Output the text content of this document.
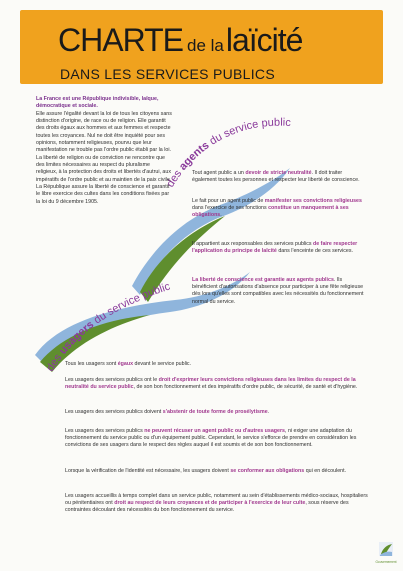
CHARTE de lalaïcité
DANS LES SERVICES PUBLICS
des agents du service public
des usagers du service public
La France est une République indivisible, laïque, démocratique et sociale.
Elle assure l'égalité devant la loi de tous les citoyens sans distinction d'origine, de race ou de religion. Elle garantit des droits égaux aux hommes et aux femmes et respecte toutes les croyances. Nul ne doit être inquiété pour ses opinions, notamment religieuses, pourvu que leur manifestation ne trouble pas l'ordre public établi par la loi. La liberté de religion ou de conviction ne rencontre que des limites nécessaires au respect du pluralisme religieux, à la protection des droits et libertés d'autrui, aux impératifs de l'ordre public et au maintien de la paix civile. La République assure la liberté de conscience et garantit le libre exercice des cultes dans les conditions fixées par la loi du 9 décembre 1905.
Tout agent public a un devoir de stricte neutralité. Il doit traiter également toutes les personnes et respecter leur liberté de conscience.
Le fait pour un agent public de manifester ses convictions religieuses dans l'exercice de ses fonctions constitue un manquement à ses obligations.
Il appartient aux responsables des services publics de faire respecter l'application du principe de laïcité dans l'enceinte de ces services.
La liberté de conscience est garantie aux agents publics. Ils bénéficient d'autorisations d'absence pour participer à une fête religieuse dès lors qu'elles sont compatibles avec les nécessités du fonctionnement normal du service.
Tous les usagers sont égaux devant le service public.
Les usagers des services publics ont le droit d'exprimer leurs convictions religieuses dans les limites du respect de la neutralité du service public, de son bon fonctionnement et des impératifs d'ordre public, de sécurité, de santé et d'hygiène.
Les usagers des services publics doivent s'abstenir de toute forme de prosélytisme.
Les usagers des services publics ne peuvent récuser un agent public ou d'autres usagers, ni exiger une adaptation du fonctionnement du service public ou d'un équipement public. Cependant, le service s'efforce de prendre en considération les convictions de ses usagers dans le respect des règles auquel il est soumis et de son bon fonctionnement.
Lorsque la vérification de l'identité est nécessaire, les usagers doivent se conformer aux obligations qui en découlent.
Les usagers accueillis à temps complet dans un service public, notamment au sein d'établissements médico-sociaux, hospitaliers ou pénitentiaires ont droit au respect de leurs croyances et de participer à l'exercice de leur culte, sous réserve des contraintes découlant des nécessités du bon fonctionnement du service.
Gouvernement
